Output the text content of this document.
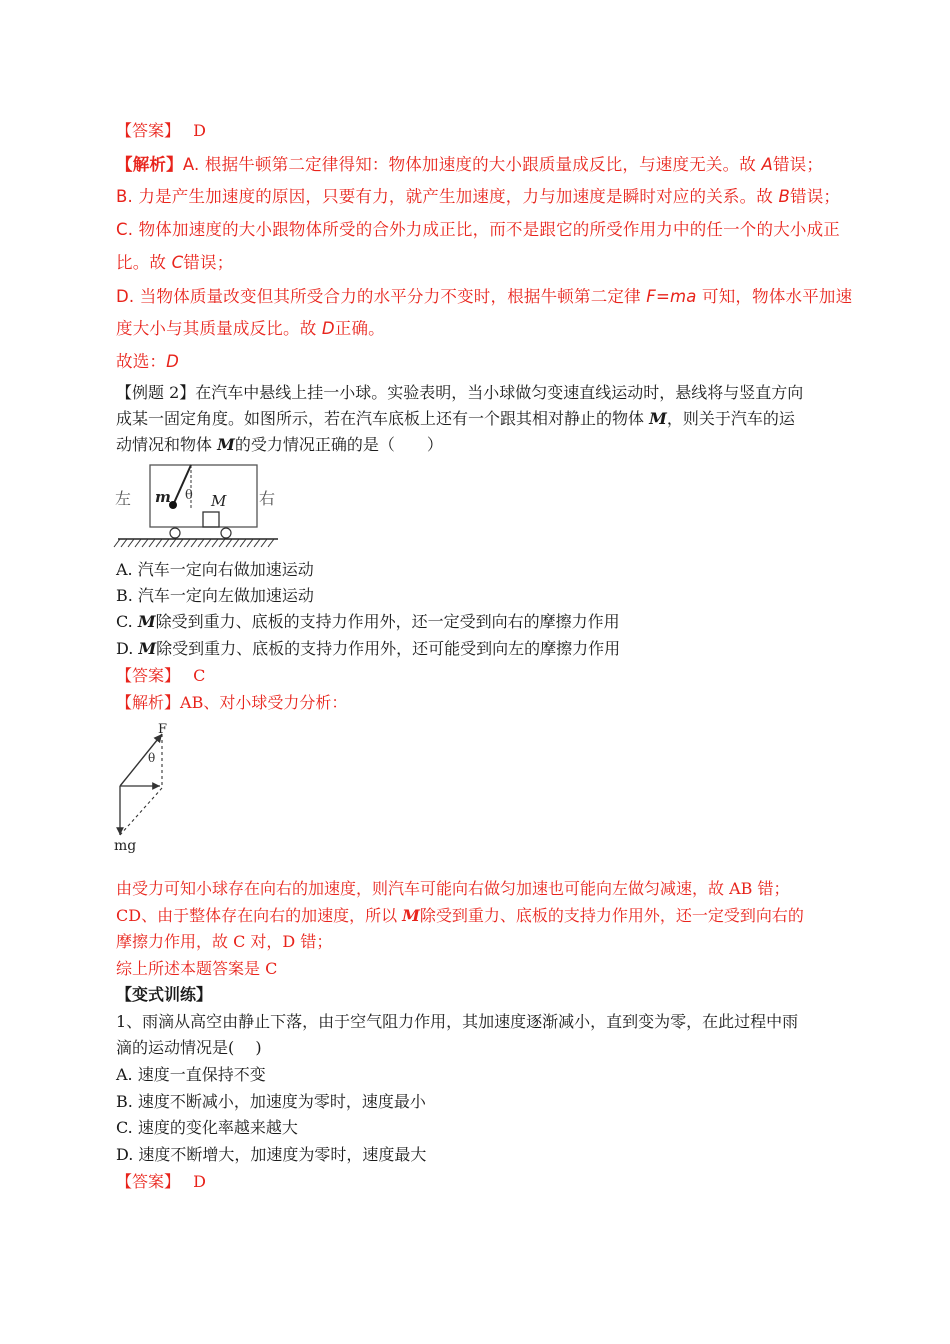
【答案】 D
【解析】A. 根据牛顿第二定律得知：物体加速度的大小跟质量成反比，与速度无关。故 A错误；
B. 力是产生加速度的原因，只要有力，就产生加速度，力与加速度是瞬时对应的关系。故 B错误；
C. 物体加速度的大小跟物体所受的合外力成正比，而不是跟它的所受作用力中的任一个的大小成正
比。故 C错误；
D. 当物体质量改变但其所受合力的水平分力不变时，根据牛顿第二定律 F=ma 可知，物体水平加速
度大小与其质量成反比。故 D正确。
故选：D
【例题 2】在汽车中悬线上挂一小球。实验表明，当小球做匀变速直线运动时，悬线将与竖直方向
成某一固定角度。如图所示，若在汽车底板上还有一个跟其相对静止的物体 M，则关于汽车的运
动情况和物体 M的受力情况正确的是（　　）
左	右
m θ M
A. 汽车一定向右做加速运动
B. 汽车一定向左做加速运动
C. M除受到重力、底板的支持力作用外，还一定受到向右的摩擦力作用
D. M除受到重力、底板的支持力作用外，还可能受到向左的摩擦力作用
【答案】 C
【解析】AB、对小球受力分析：
F
θ
mg
由受力可知小球存在向右的加速度，则汽车可能向右做匀加速也可能向左做匀减速，故 AB 错；
CD、由于整体存在向右的加速度，所以 M除受到重力、底板的支持力作用外，还一定受到向右的
摩擦力作用，故 C 对，D 错；
综上所述本题答案是 C
【变式训练】
1、雨滴从高空由静止下落，由于空气阻力作用，其加速度逐渐减小，直到变为零，在此过程中雨
滴的运动情况是(　 )
A. 速度一直保持不变
B. 速度不断减小，加速度为零时，速度最小
C. 速度的变化率越来越大
D. 速度不断增大，加速度为零时，速度最大
【答案】 D
